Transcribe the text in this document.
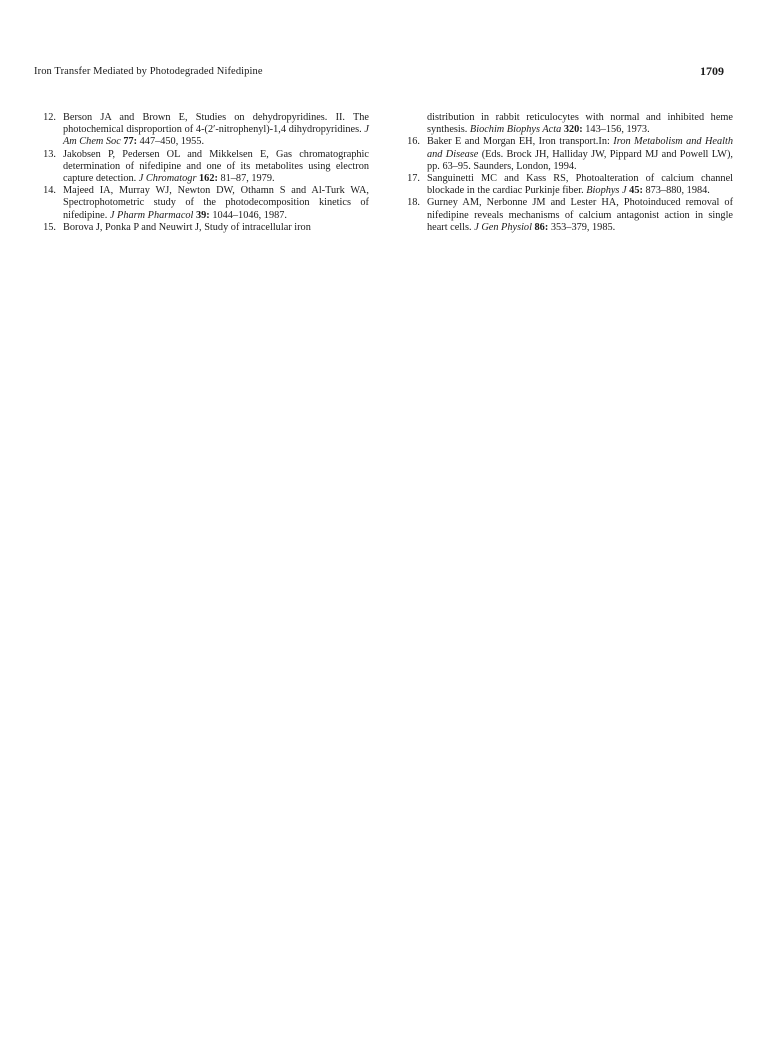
Iron Transfer Mediated by Photodegraded Nifedipine	1709
12. Berson JA and Brown E, Studies on dehydropyridines. II. The photochemical disproportion of 4-(2′-nitrophenyl)-1,4 dihydropyridines. J Am Chem Soc 77: 447–450, 1955.
13. Jakobsen P, Pedersen OL and Mikkelsen E, Gas chromatographic determination of nifedipine and one of its metabolites using electron capture detection. J Chromatogr 162: 81–87, 1979.
14. Majeed IA, Murray WJ, Newton DW, Othamn S and Al-Turk WA, Spectrophotometric study of the photodecomposition kinetics of nifedipine. J Pharm Pharmacol 39: 1044–1046, 1987.
15. Borova J, Ponka P and Neuwirt J, Study of intracellular iron
distribution in rabbit reticulocytes with normal and inhibited heme synthesis. Biochim Biophys Acta 320: 143–156, 1973.
16. Baker E and Morgan EH, Iron transport.In: Iron Metabolism and Health and Disease (Eds. Brock JH, Halliday JW, Pippard MJ and Powell LW), pp. 63–95. Saunders, London, 1994.
17. Sanguinetti MC and Kass RS, Photoalteration of calcium channel blockade in the cardiac Purkinje fiber. Biophys J 45: 873–880, 1984.
18. Gurney AM, Nerbonne JM and Lester HA, Photoinduced removal of nifedipine reveals mechanisms of calcium antagonist action in single heart cells. J Gen Physiol 86: 353–379, 1985.
